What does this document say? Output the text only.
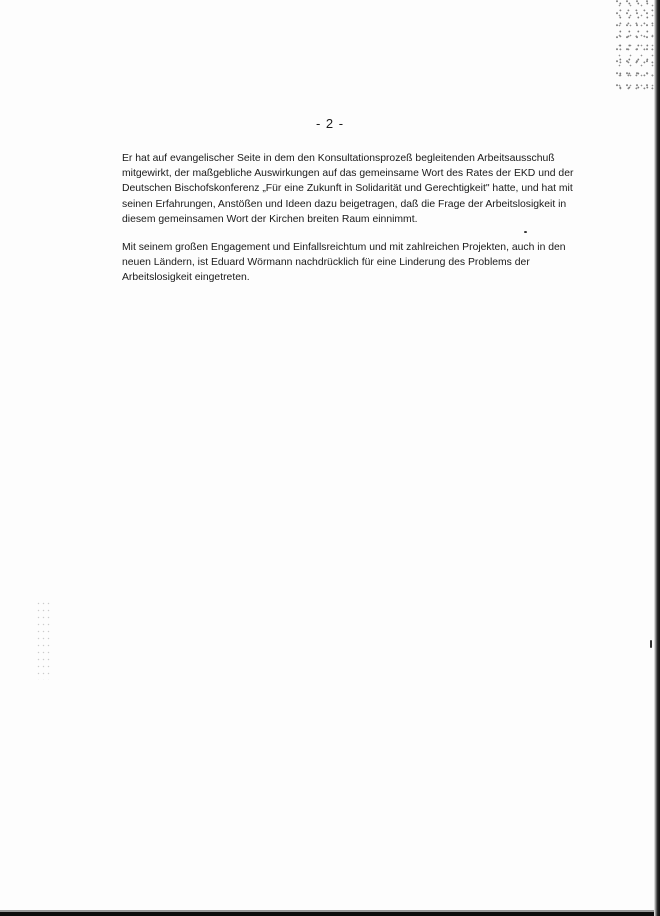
- 2 -

Er hat auf evangelischer Seite in dem den Konsultationsprozeß begleitenden Arbeitsausschuß mitgewirkt, der maßgebliche Auswirkungen auf das gemeinsame Wort des Rates der EKD und der Deutschen Bischofskonferenz „Für eine Zukunft in Solidarität und Gerechtigkeit" hatte, und hat mit seinen Erfahrungen, Anstößen und Ideen dazu beigetragen, daß die Frage der Arbeitslosigkeit in diesem gemeinsamen Wort der Kirchen breiten Raum einnimmt.

Mit seinem großen Engagement und Einfallsreichtum und mit zahlreichen Projekten, auch in den neuen Ländern, ist Eduard Wörmann nachdrücklich für eine Linderung des Problems der Arbeitslosigkeit eingetreten.
